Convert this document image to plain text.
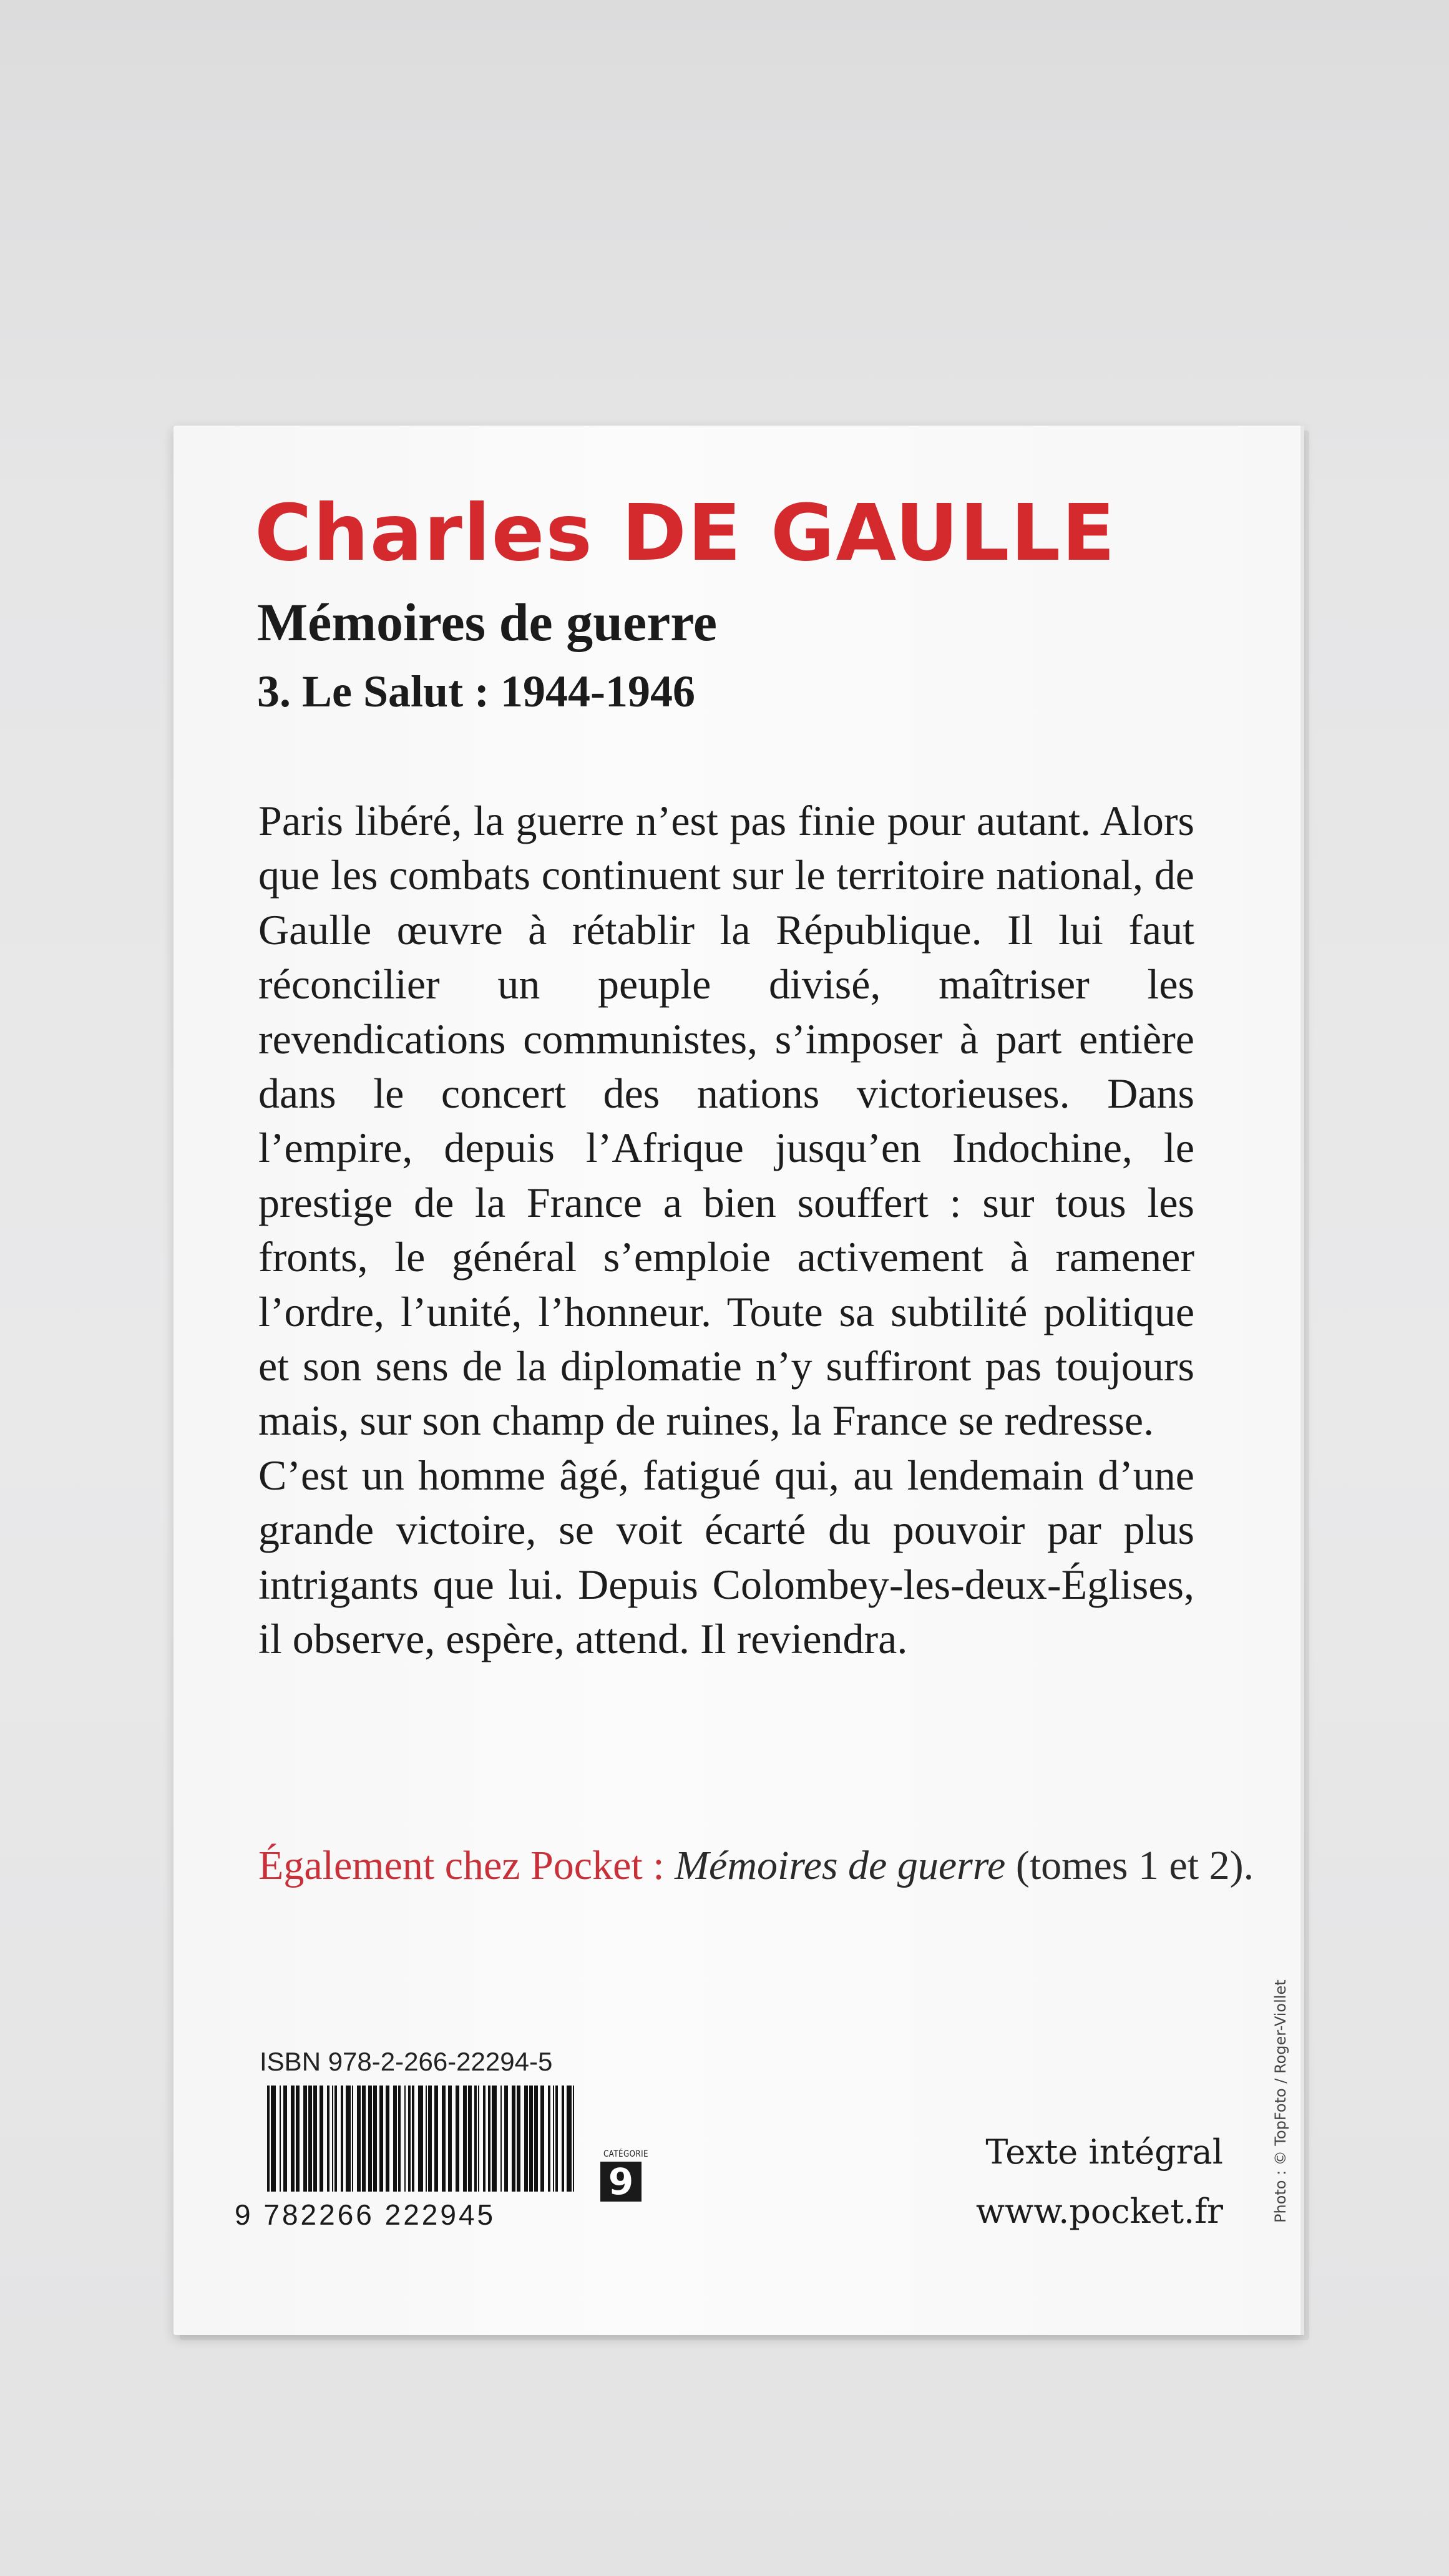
Charles DE GAULLE
Mémoires de guerre
3. Le Salut : 1944-1946

Paris libéré, la guerre n’est pas finie pour autant. Alors que les combats continuent sur le territoire national, de Gaulle œuvre à rétablir la République. Il lui faut réconcilier un peuple divisé, maîtriser les revendications communistes, s’imposer à part entière dans le concert des nations victorieuses. Dans l’empire, depuis l’Afrique jusqu’en Indochine, le prestige de la France a bien souffert : sur tous les fronts, le général s’emploie activement à ramener l’ordre, l’unité, l’honneur. Toute sa subtilité politique et son sens de la diplomatie n’y suffiront pas toujours mais, sur son champ de ruines, la France se redresse.

C’est un homme âgé, fatigué qui, au lendemain d’une grande victoire, se voit écarté du pouvoir par plus intrigants que lui. Depuis Colombey-les-deux-Églises, il observe, espère, attend. Il reviendra.

Également chez Pocket : Mémoires de guerre (tomes 1 et 2).

ISBN 978-2-266-22294-5

9 782266 222945

CATÉGORIE
9

Texte intégral

www.pocket.fr	Photo : © TopFoto / Roger-Viollet
